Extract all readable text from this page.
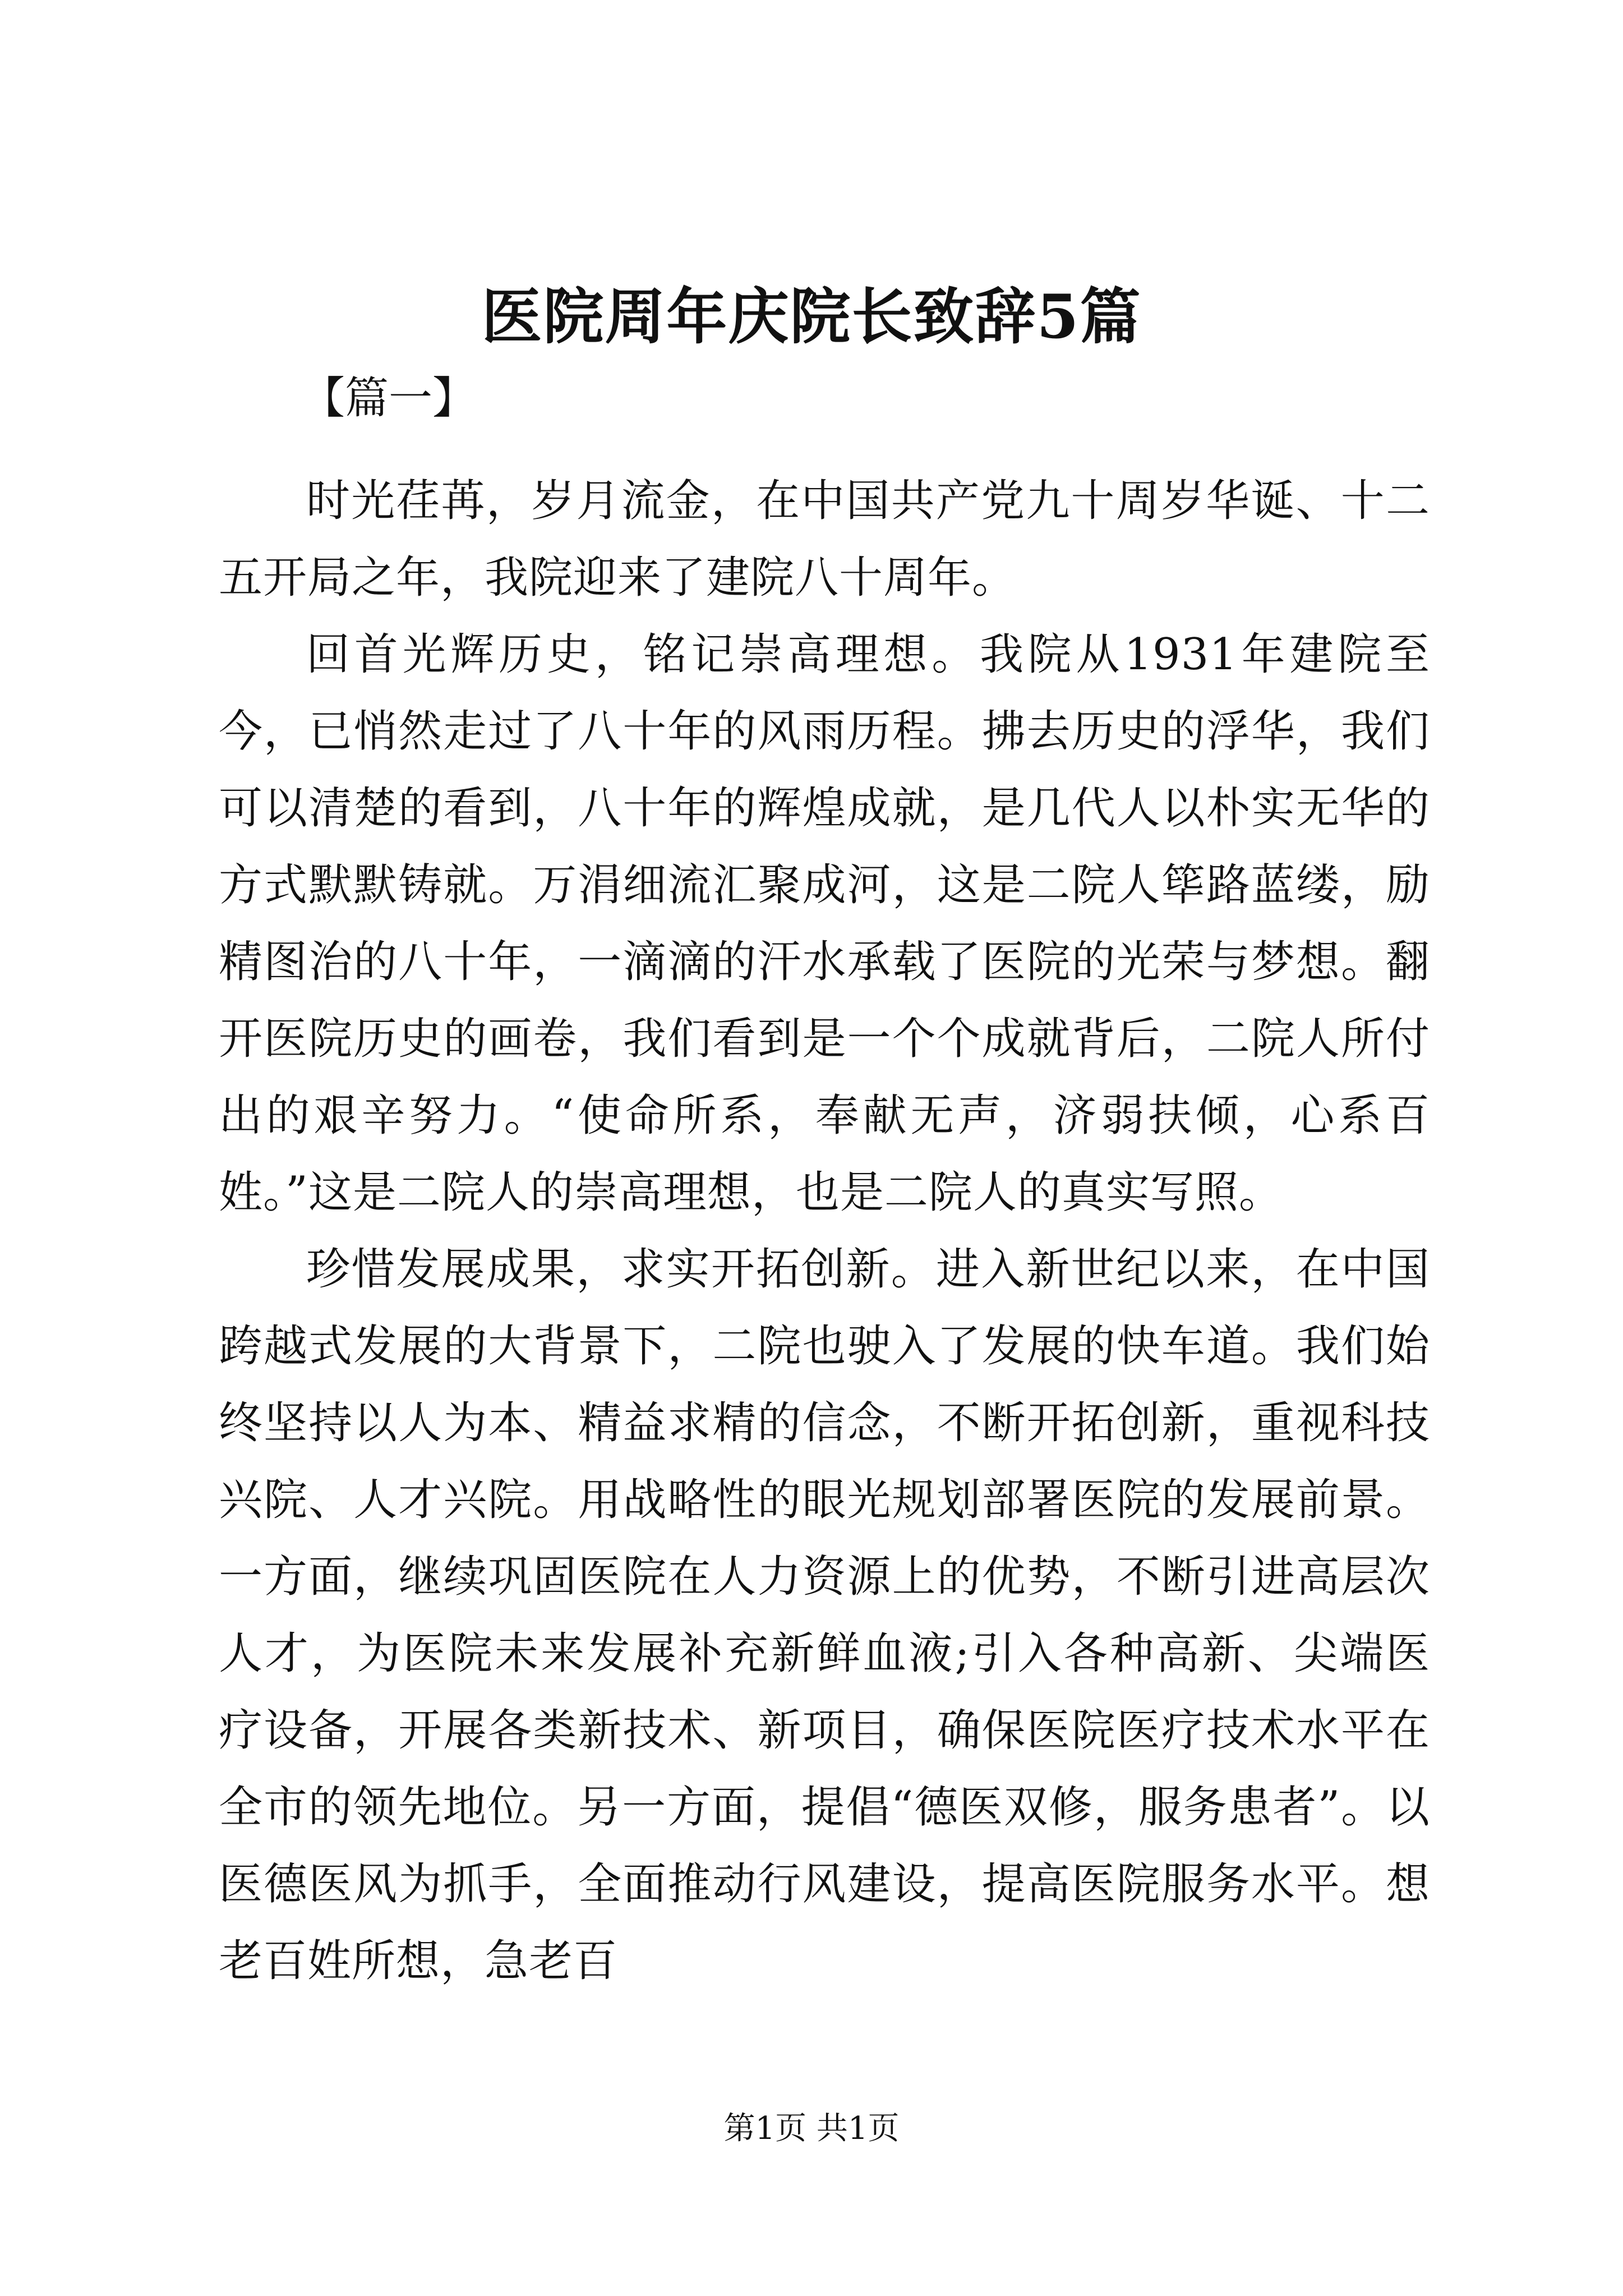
医院周年庆院长致辞5篇
【篇一】

时光荏苒，岁月流金，在中国共产党九十周岁华诞、十二五开局之年，我院迎来了建院八十周年。

回首光辉历史，铭记崇高理想。我院从1931年建院至今，已悄然走过了八十年的风雨历程。拂去历史的浮华，我们可以清楚的看到，八十年的辉煌成就，是几代人以朴实无华的方式默默铸就。万涓细流汇聚成河，这是二院人筚路蓝缕，励精图治的八十年，一滴滴的汗水承载了医院的光荣与梦想。翻开医院历史的画卷，我们看到是一个个成就背后，二院人所付出的艰辛努力。“使命所系，奉献无声，济弱扶倾，心系百姓。”这是二院人的崇高理想，也是二院人的真实写照。

珍惜发展成果，求实开拓创新。进入新世纪以来，在中国跨越式发展的大背景下，二院也驶入了发展的快车道。我们始终坚持以人为本、精益求精的信念，不断开拓创新，重视科技兴院、人才兴院。用战略性的眼光规划部署医院的发展前景。一方面，继续巩固医院在人力资源上的优势，不断引进高层次人才，为医院未来发展补充新鲜血液;引入各种高新、尖端医疗设备，开展各类新技术、新项目，确保医院医疗技术水平在全市的领先地位。另一方面，提倡“德医双修，服务患者”。以医德医风为抓手，全面推动行风建设，提高医院服务水平。想老百姓所想，急老百

第1页 共1页
